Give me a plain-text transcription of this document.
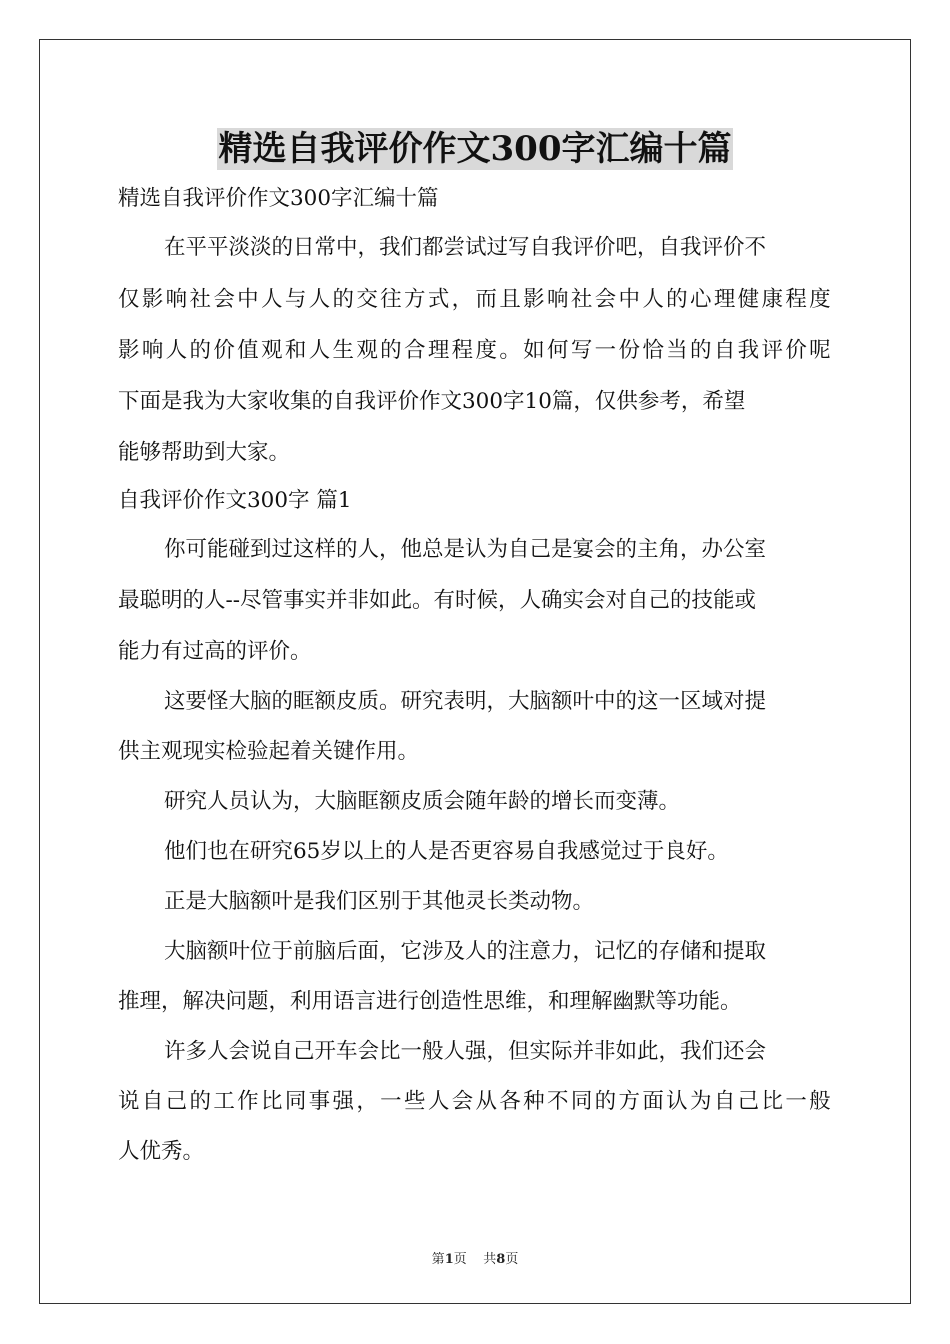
精选自我评价作文300字汇编十篇

精选自我评价作文300字汇编十篇

在平平淡淡的日常中，我们都尝试过写自我评价吧，自我评价不

仅影响社会中人与人的交往方式，而且影响社会中人的心理健康程度

影响人的价值观和人生观的合理程度。如何写一份恰当的自我评价呢

下面是我为大家收集的自我评价作文300字10篇，仅供参考，希望

能够帮助到大家。

自我评价作文300字 篇1

你可能碰到过这样的人，他总是认为自己是宴会的主角，办公室

最聪明的人--尽管事实并非如此。有时候，人确实会对自己的技能或

能力有过高的评价。

这要怪大脑的眶额皮质。研究表明，大脑额叶中的这一区域对提

供主观现实检验起着关键作用。

研究人员认为，大脑眶额皮质会随年龄的增长而变薄。

他们也在研究65岁以上的人是否更容易自我感觉过于良好。

正是大脑额叶是我们区别于其他灵长类动物。

大脑额叶位于前脑后面，它涉及人的注意力，记忆的存储和提取

推理，解决问题，利用语言进行创造性思维，和理解幽默等功能。

许多人会说自己开车会比一般人强，但实际并非如此，我们还会

说自己的工作比同事强，一些人会从各种不同的方面认为自己比一般

人优秀。

第1页    共8页
